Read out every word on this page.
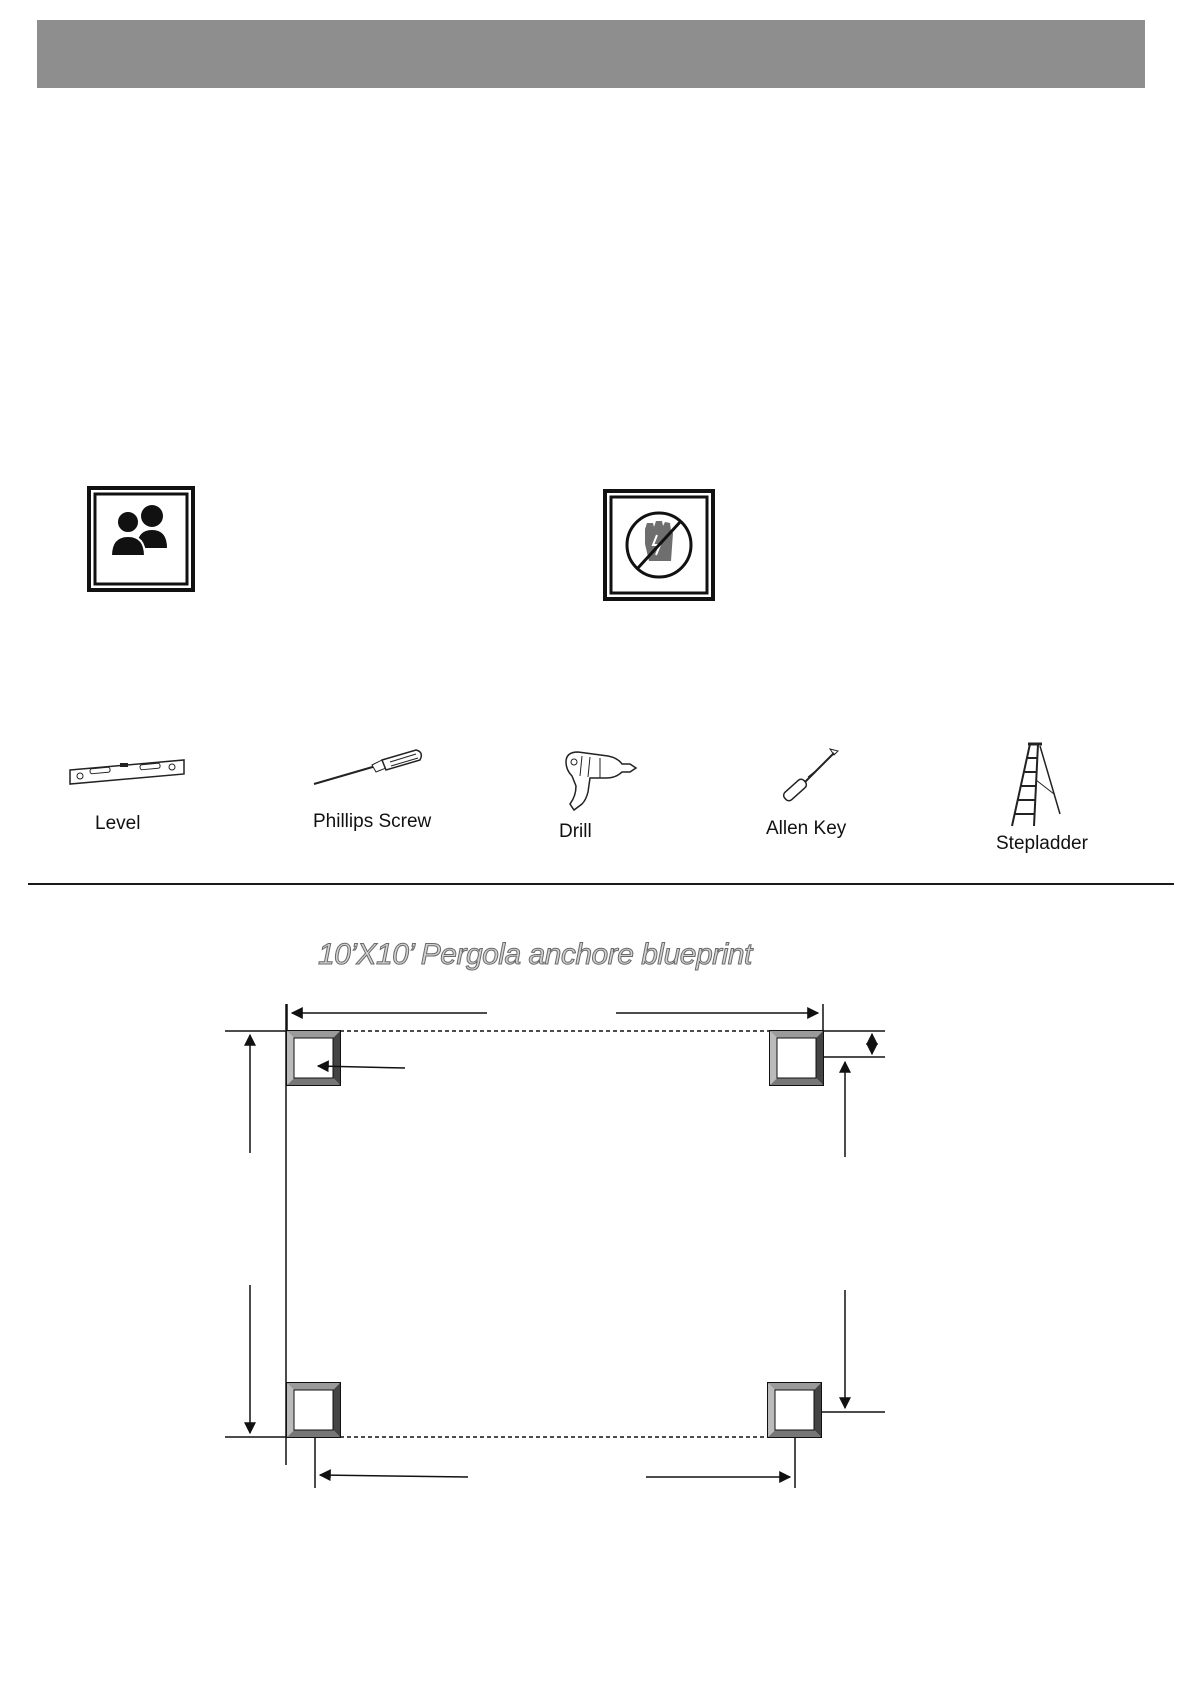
Level	Phillips Screw	Drill	Allen Key
Stepladder
10’X10’ Pergola anchore blueprint
